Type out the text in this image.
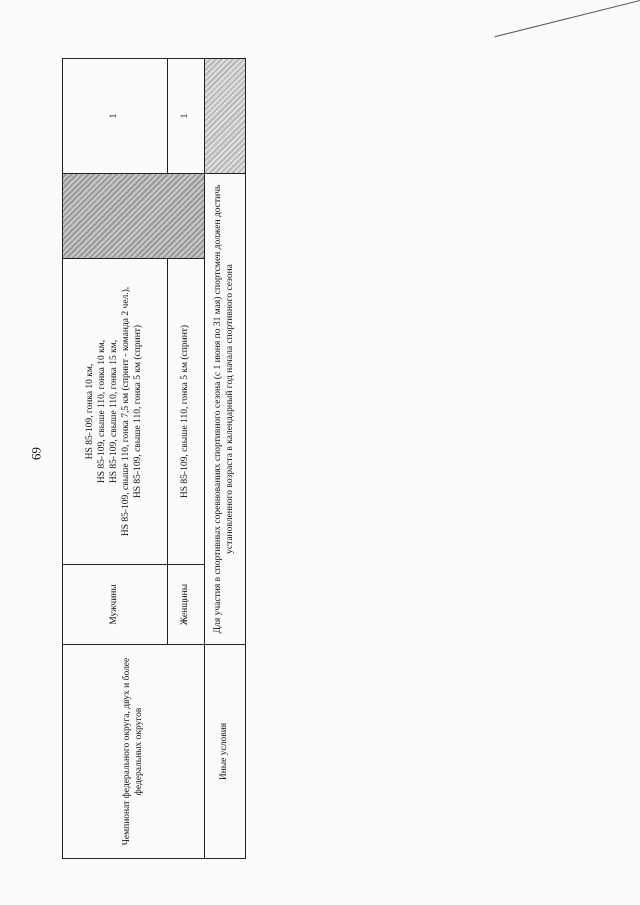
69
Чемпионат федерального округа, двух и более федеральных округов	Мужчины	HS 85-109, гонка 10 км, HS 85-109, свыше 110, гонка 10 км, HS 85-109, свыше 110, гонка 15 км, HS 85-109, свыше 110, гонка 7,5 км (спринт - команда 2 чел.), HS 85-109, свыше 110, гонка 5 км (спринт)		1
	Женщины	HS 85-109, свыше 110, гонка 5 км (спринт)		1
Иные условия	Для участия в спортивных соревнованиях спортивного сезона (с 1 июня по 31 мая) спортсмен должен достичь установленного возраста в календарный год начала спортивного сезона			
